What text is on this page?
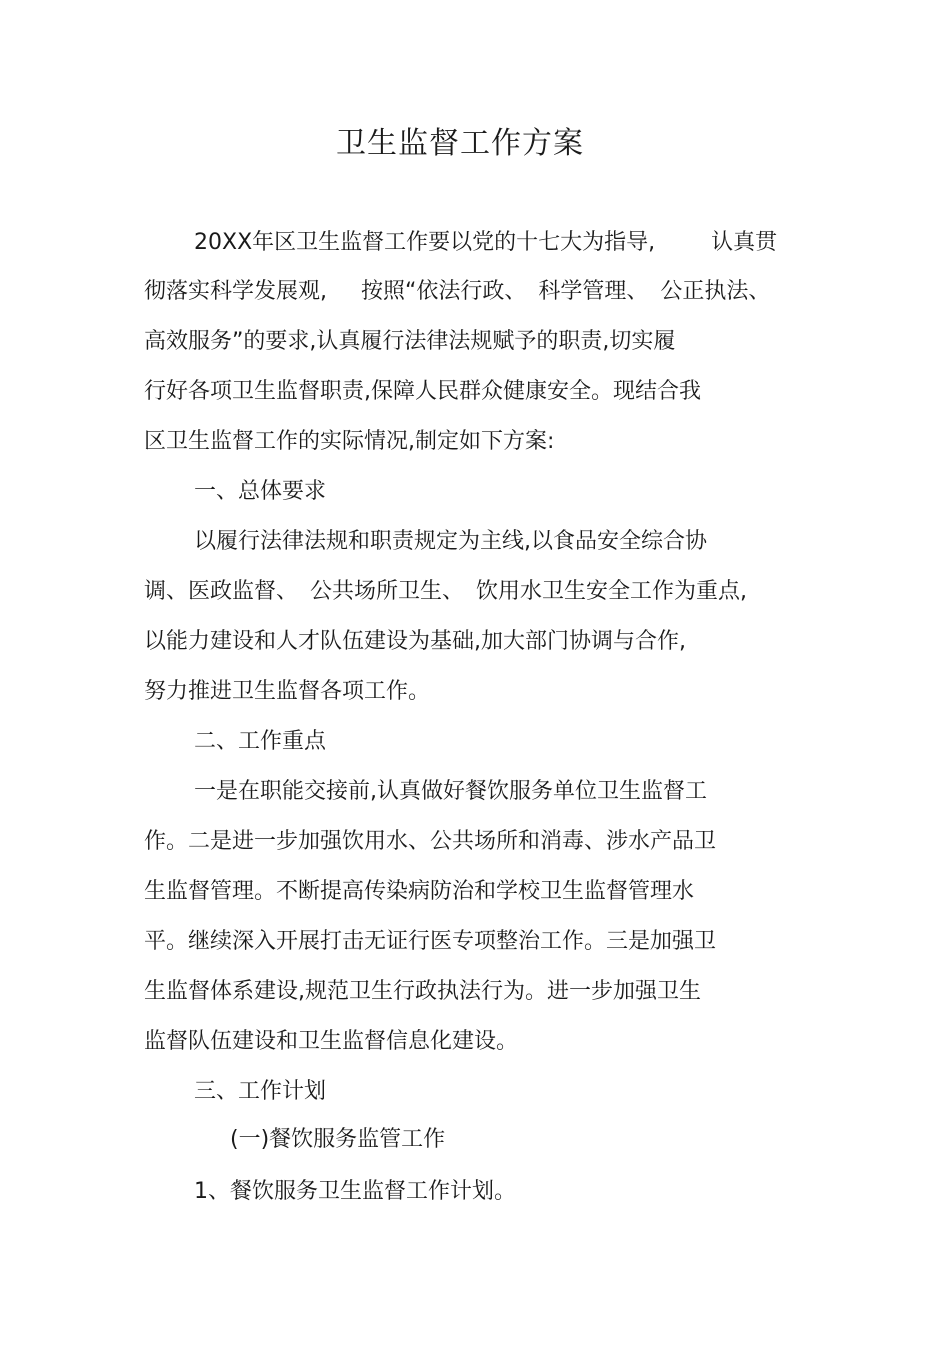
卫生监督工作方案
20XX年区卫生监督工作要以党的十七大为指导,	认真贯
彻落实科学发展观, 按照“依法行政、 科学管理、 公正执法、
高效服务”的要求,认真履行法律法规赋予的职责,切实履
行好各项卫生监督职责,保障人民群众健康安全。现结合我
区卫生监督工作的实际情况,制定如下方案:
一、总体要求
以履行法律法规和职责规定为主线,以食品安全综合协
调、医政监督、 公共场所卫生、 饮用水卫生安全工作为重点,
以能力建设和人才队伍建设为基础,加大部门协调与合作,
努力推进卫生监督各项工作。
二、工作重点
一是在职能交接前,认真做好餐饮服务单位卫生监督工
作。二是进一步加强饮用水、公共场所和消毒、涉水产品卫
生监督管理。不断提高传染病防治和学校卫生监督管理水
平。继续深入开展打击无证行医专项整治工作。三是加强卫
生监督体系建设,规范卫生行政执法行为。进一步加强卫生
监督队伍建设和卫生监督信息化建设。
三、工作计划
(一)餐饮服务监管工作
1、餐饮服务卫生监督工作计划。
